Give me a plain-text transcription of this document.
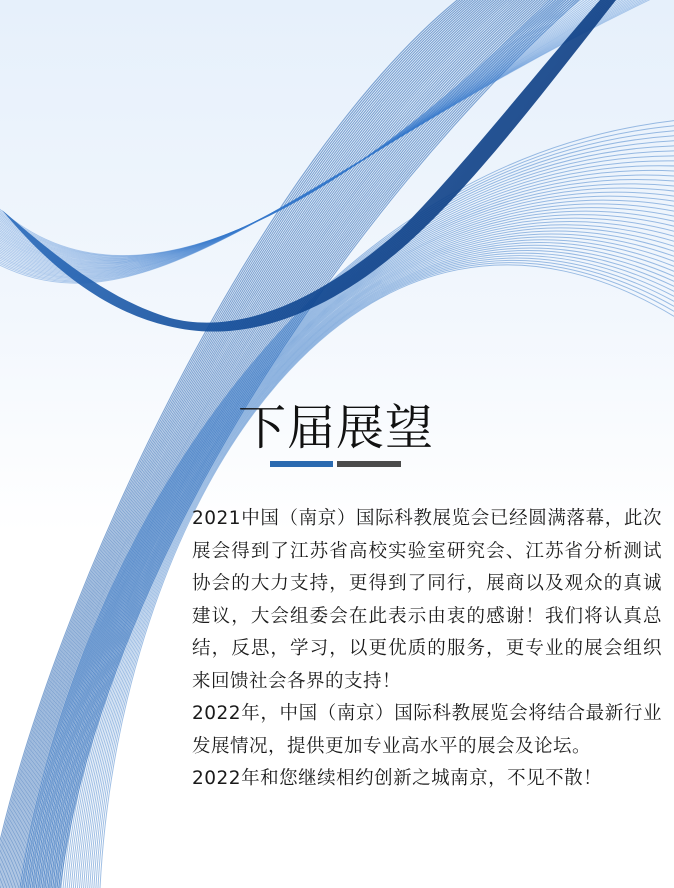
下届展望

2021中国（南京）国际科教展览会已经圆满落幕，此次展会得到了江苏省高校实验室研究会、江苏省分析测试协会的大力支持，更得到了同行，展商以及观众的真诚建议，大会组委会在此表示由衷的感谢！我们将认真总结，反思，学习，以更优质的服务，更专业的展会组织来回馈社会各界的支持！

2022年，中国（南京）国际科教展览会将结合最新行业发展情况，提供更加专业高水平的展会及论坛。

2022年和您继续相约创新之城南京，不见不散！
